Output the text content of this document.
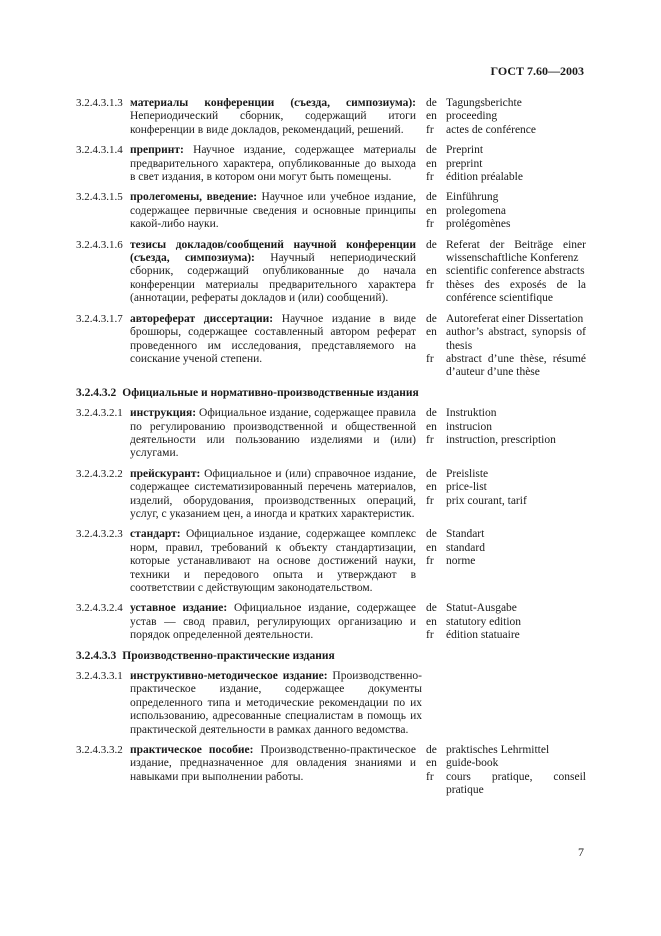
ГОСТ 7.60—2003
3.2.4.3.1.3 материалы конференции (съезда, симпозиума): Непериодический сборник, содержащий итоги конференции в виде докладов, рекомендаций, решений.
de Tagungsberichte
en proceeding
fr	actes de conférence
3.2.4.3.1.4 препринт: Научное издание, содержащее материалы предварительного характера, опубликованные до выхода в свет издания, в котором они могут быть помещены.
de Preprint
en preprint
fr	édition préalable
3.2.4.3.1.5 пролегомены, введение: Научное или учебное издание, содержащее первичные сведения и основные принципы какой-либо науки.
de Einführung
en prolegomena
fr	prolégomènes
3.2.4.3.1.6 тезисы докладов/сообщений научной конференции (съезда, симпозиума): Научный непериодический сборник, содержащий опубликованные до начала конференции материалы предварительного характера (аннотации, рефераты докладов и (или) сообщений).
de Referat der Beiträge einer wissenschaftliche Konferenz
en scientific conference abstracts
fr	thèses des exposés de la conférence scientifique
3.2.4.3.1.7 автореферат диссертации: Научное издание в виде брошюры, содержащее составленный автором реферат проведенного им исследования, представляемого на соискание ученой степени.
de Autoreferat einer Dissertation
en author’s abstract, synopsis of thesis
fr	abstract d’une thèse, résumé d’auteur d’une thèse
3.2.4.3.2 Официальные и нормативно-производственные издания
3.2.4.3.2.1 инструкция: Официальное издание, содержащее правила по регулированию производственной и общественной деятельности или пользованию изделиями и (или) услугами.
de Instruktion
en instrucion
fr	instruction, prescription
3.2.4.3.2.2 прейскурант: Официальное и (или) справочное издание, содержащее систематизированный перечень материалов, изделий, оборудования, производственных операций, услуг, с указанием цен, а иногда и кратких характеристик.
de Preisliste
en price-list
fr	prix courant, tarif
3.2.4.3.2.3 стандарт: Официальное издание, содержащее комплекс норм, правил, требований к объекту стандартизации, которые устанавливают на основе достижений науки, техники и передового опыта и утверждают в соответствии с действующим законодательством.
de Standart
en standard
fr	norme
3.2.4.3.2.4 уставное издание: Официальное издание, содержащее устав — свод правил, регулирующих организацию и порядок определенной деятельности.
de Statut-Ausgabe
en statutory edition
fr	édition statuaire
3.2.4.3.3 Производственно-практические издания
3.2.4.3.3.1 инструктивно-методическое издание: Производственно-практическое издание, содержащее документы определенного типа и методические рекомендации по их использованию, адресованные специалистам в помощь их практической деятельности в рамках данного ведомства.
3.2.4.3.3.2 практическое пособие: Производственно-практическое издание, предназначенное для овладения знаниями и навыками при выполнении работы.
de praktisches Lehrmittel
en guide-book
fr	cours pratique, conseil pratique
7
